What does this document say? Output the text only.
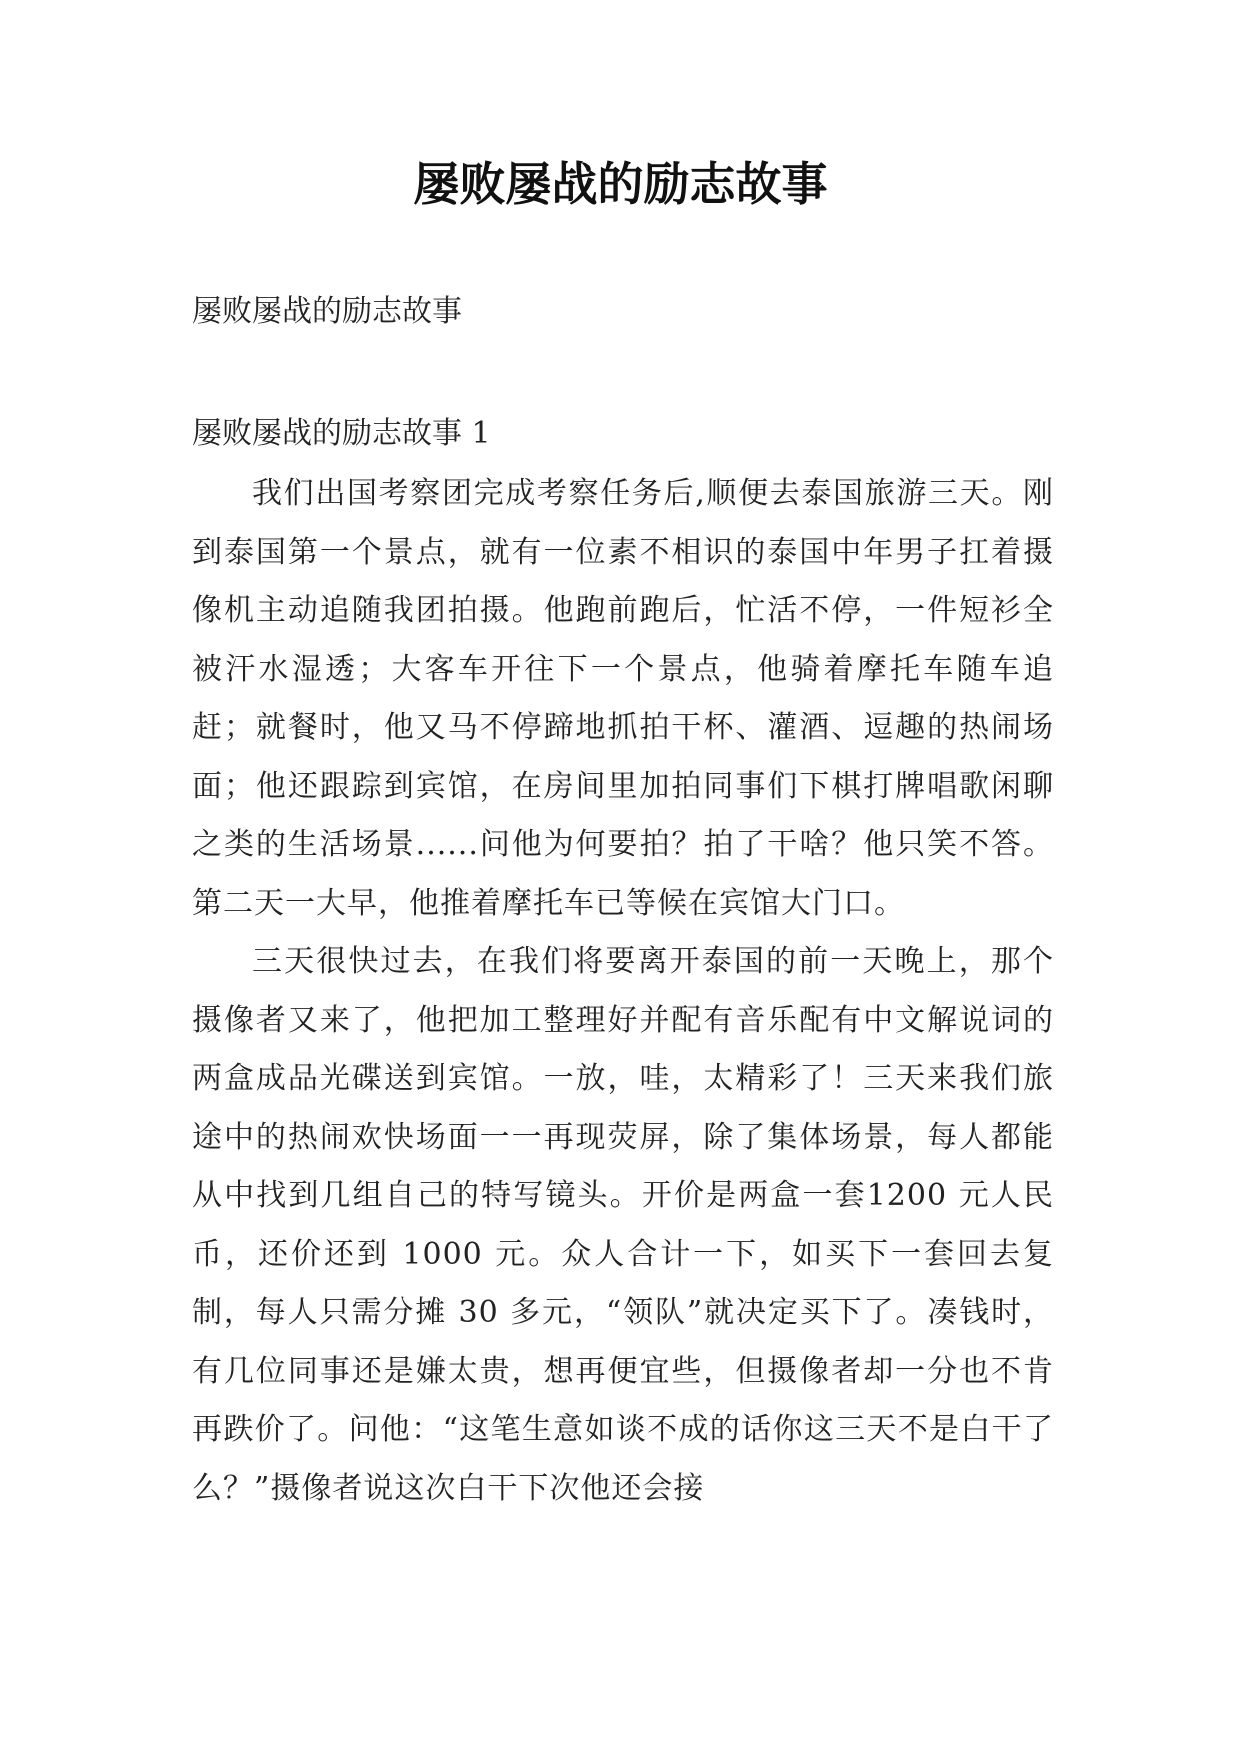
屡败屡战的励志故事

屡败屡战的励志故事

屡败屡战的励志故事 1

我们出国考察团完成考察任务后,顺便去泰国旅游三天。刚到泰国第一个景点，就有一位素不相识的泰国中年男子扛着摄像机主动追随我团拍摄。他跑前跑后，忙活不停，一件短衫全被汗水湿透；大客车开往下一个景点，他骑着摩托车随车追赶；就餐时，他又马不停蹄地抓拍干杯、灌酒、逗趣的热闹场面；他还跟踪到宾馆，在房间里加拍同事们下棋打牌唱歌闲聊之类的生活场景......问他为何要拍？拍了干啥？他只笑不答。第二天一大早，他推着摩托车已等候在宾馆大门口。

三天很快过去，在我们将要离开泰国的前一天晚上，那个摄像者又来了，他把加工整理好并配有音乐配有中文解说词的两盒成品光碟送到宾馆。一放，哇，太精彩了！三天来我们旅途中的热闹欢快场面一一再现荧屏，除了集体场景，每人都能从中找到几组自己的特写镜头。开价是两盒一套1200 元人民币，还价还到 1000 元。众人合计一下，如买下一套回去复制，每人只需分摊 30 多元，“领队”就决定买下了。凑钱时，有几位同事还是嫌太贵，想再便宜些，但摄像者却一分也不肯再跌价了。问他：“这笔生意如谈不成的话你这三天不是白干了么？”摄像者说这次白干下次他还会接
